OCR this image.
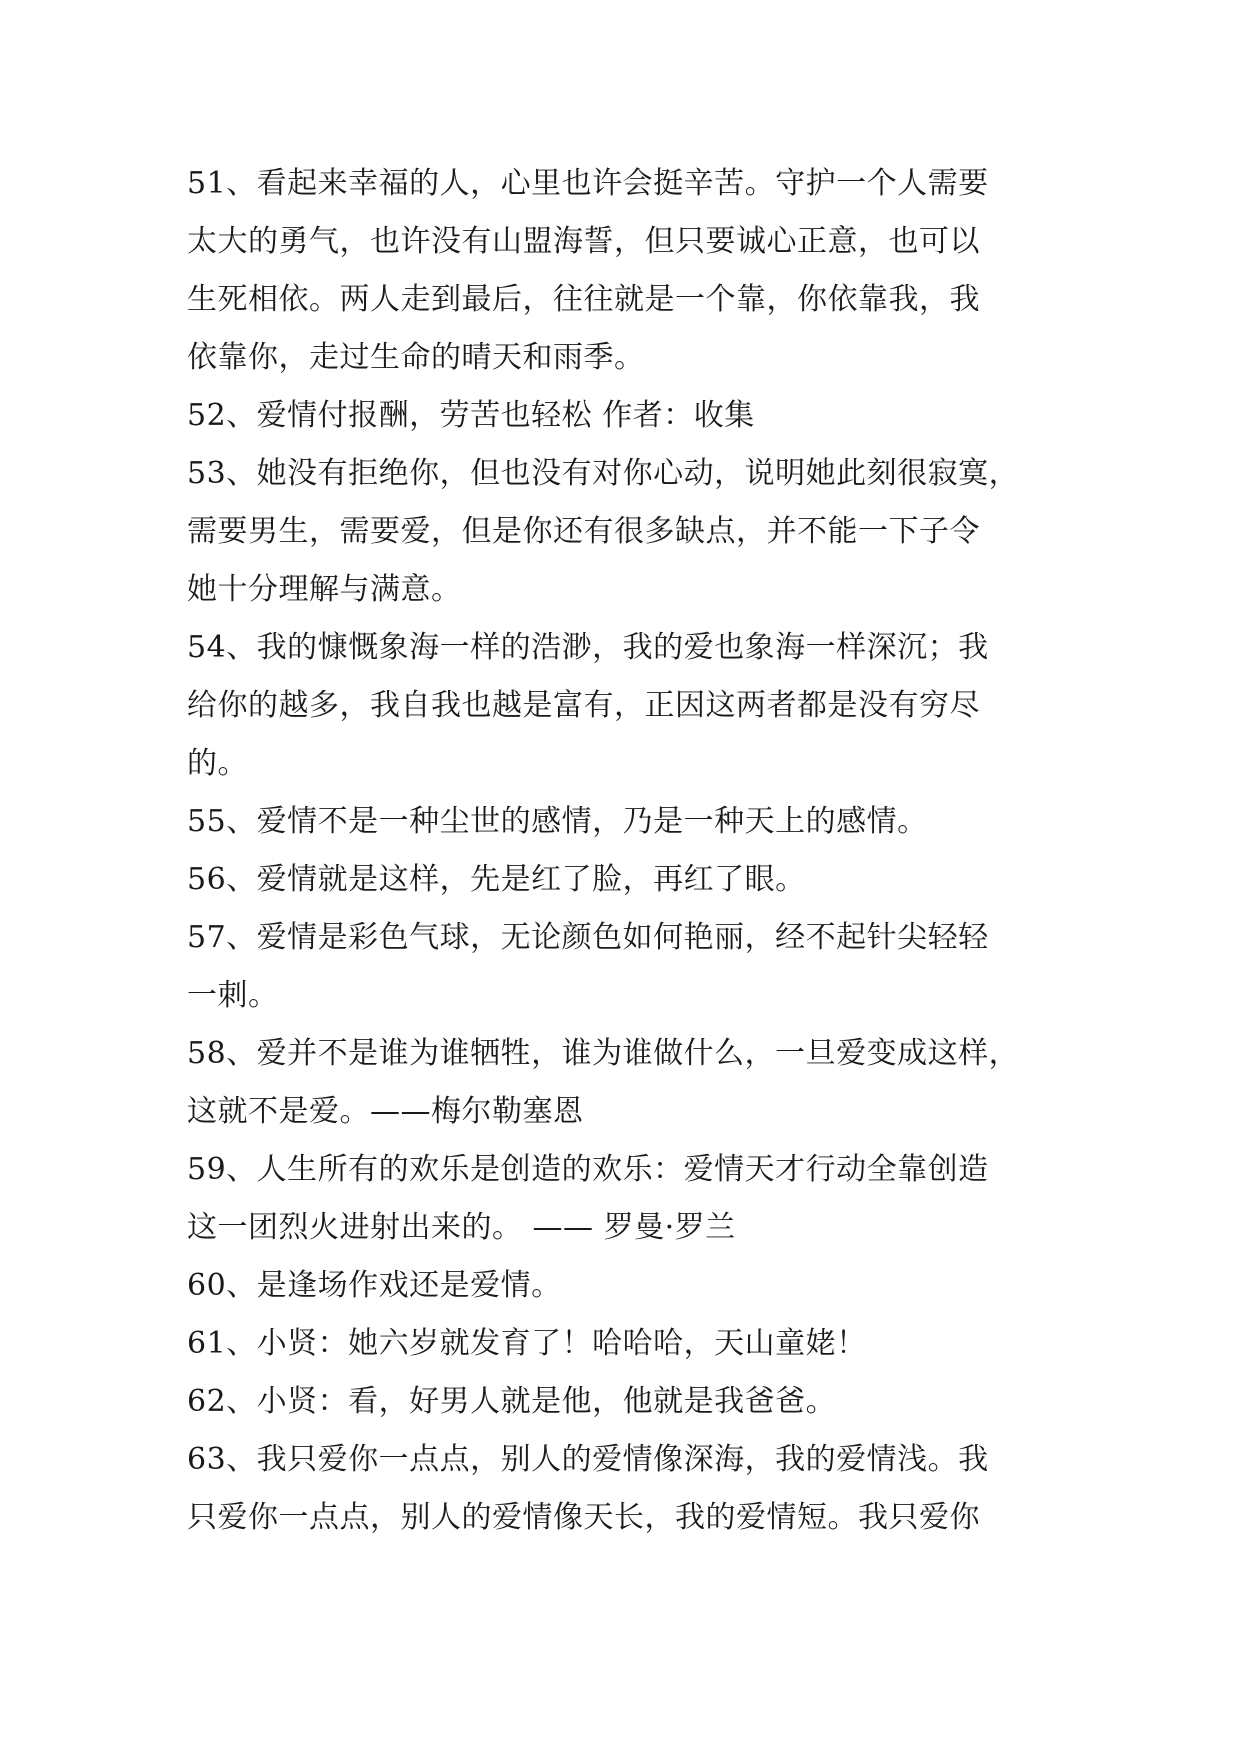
51、看起来幸福的人，心里也许会挺辛苦。守护一个人需要
太大的勇气，也许没有山盟海誓，但只要诚心正意，也可以
生死相依。两人走到最后，往往就是一个靠，你依靠我，我
依靠你，走过生命的晴天和雨季。
52、爱情付报酬，劳苦也轻松 作者：收集
53、她没有拒绝你，但也没有对你心动，说明她此刻很寂寞，
需要男生，需要爱，但是你还有很多缺点，并不能一下子令
她十分理解与满意。
54、我的慷慨象海一样的浩渺，我的爱也象海一样深沉；我
给你的越多，我自我也越是富有，正因这两者都是没有穷尽
的。
55、爱情不是一种尘世的感情，乃是一种天上的感情。
56、爱情就是这样，先是红了脸，再红了眼。
57、爱情是彩色气球，无论颜色如何艳丽，经不起针尖轻轻
一刺。
58、爱并不是谁为谁牺牲，谁为谁做什么，一旦爱变成这样，
这就不是爱。——梅尔勒塞恩
59、人生所有的欢乐是创造的欢乐：爱情天才行动全靠创造
这一团烈火进射出来的。 —— 罗曼·罗兰
60、是逢场作戏还是爱情。
61、小贤：她六岁就发育了！哈哈哈，天山童姥！
62、小贤：看，好男人就是他，他就是我爸爸。
63、我只爱你一点点，别人的爱情像深海，我的爱情浅。我
只爱你一点点，别人的爱情像天长，我的爱情短。我只爱你
